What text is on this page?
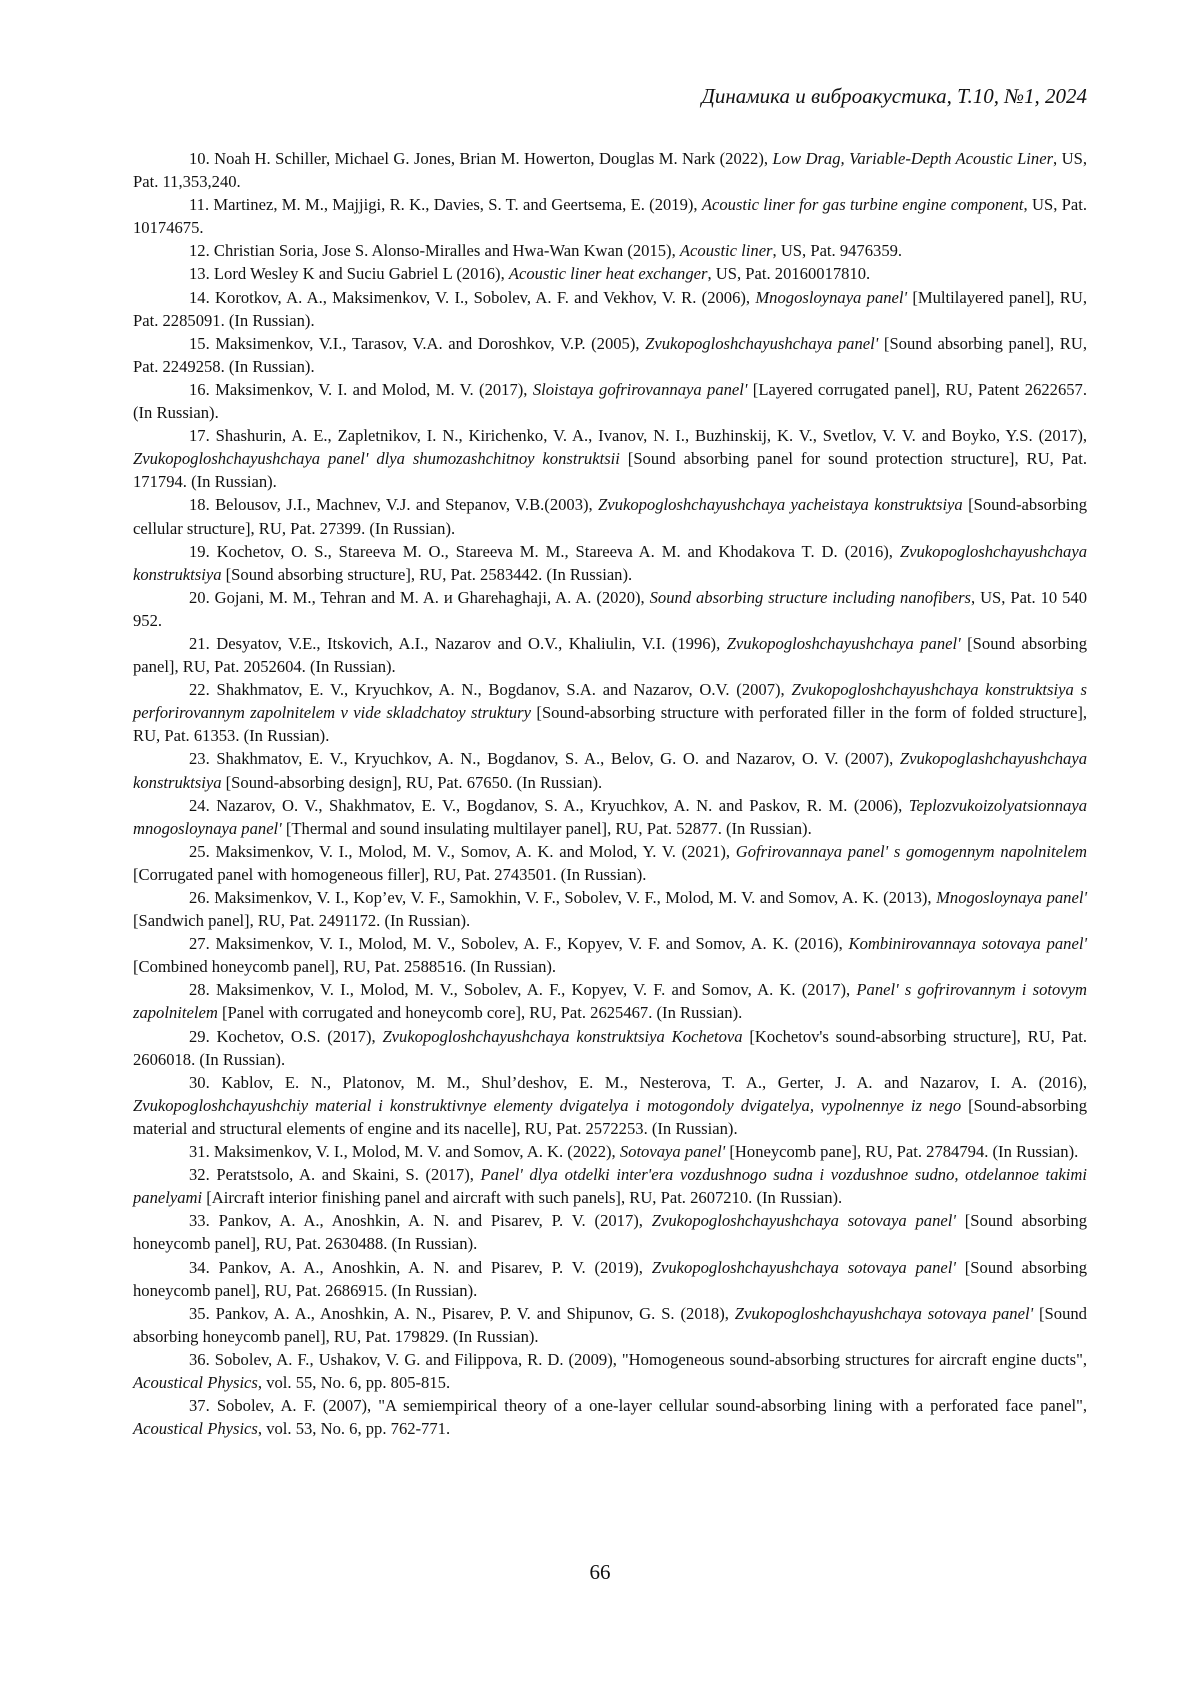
Динамика и виброакустика, Т.10, №1, 2024

10. Noah H. Schiller, Michael G. Jones, Brian M. Howerton, Douglas M. Nark (2022), Low Drag, Variable-Depth Acoustic Liner, US, Pat. 11,353,240.

11. Martinez, M. M., Majjigi, R. K., Davies, S. T. and Geertsema, E. (2019), Acoustic liner for gas turbine engine component, US, Pat. 10174675.

12. Christian Soria, Jose S. Alonso-Miralles and Hwa-Wan Kwan (2015), Acoustic liner, US, Pat. 9476359.

13. Lord Wesley K and Suciu Gabriel L (2016), Acoustic liner heat exchanger, US, Pat. 20160017810.

14. Korotkov, A. A., Maksimenkov, V. I., Sobolev, A. F. and Vekhov, V. R. (2006), Mnogosloynaya panel' [Multilayered panel], RU, Pat. 2285091. (In Russian).

15. Maksimenkov, V.I., Tarasov, V.A. and Doroshkov, V.P. (2005), Zvukopogloshchayushchaya panel' [Sound absorbing panel], RU, Pat. 2249258. (In Russian).

16. Maksimenkov, V. I. and Molod, M. V. (2017), Sloistaya gofrirovannaya panel' [Layered corrugated panel], RU, Patent 2622657. (In Russian).

17. Shashurin, A. E., Zapletnikov, I. N., Kirichenko, V. A., Ivanov, N. I., Buzhinskij, K. V., Svetlov, V. V. and Boyko, Y.S. (2017), Zvukopogloshchayushchaya panel' dlya shumozashchitnoy konstruktsii [Sound absorbing panel for sound protection structure], RU, Pat. 171794. (In Russian).

18. Belousov, J.I., Machnev, V.J. and Stepanov, V.B.(2003), Zvukopogloshchayushchaya yacheistaya konstruktsiya [Sound-absorbing cellular structure], RU, Pat. 27399. (In Russian).

19. Kochetov, O. S., Stareeva M. O., Stareeva M. M., Stareeva A. M. and Khodakova T. D. (2016), Zvukopogloshchayushchaya konstruktsiya [Sound absorbing structure], RU, Pat. 2583442. (In Russian).

20. Gojani, M. M., Tehran and M. A. и Gharehaghaji, A. A. (2020), Sound absorbing structure including nanofibers, US, Pat. 10 540 952.

21. Desyatov, V.E., Itskovich, A.I., Nazarov and O.V., Khaliulin, V.I. (1996), Zvukopogloshchayushchaya panel' [Sound absorbing panel], RU, Pat. 2052604. (In Russian).

22. Shakhmatov, E. V., Kryuchkov, A. N., Bogdanov, S.A. and Nazarov, O.V. (2007), Zvukopogloshchayushchaya konstruktsiya s perforirovannym zapolnitelem v vide skladchatoy struktury [Sound-absorbing structure with perforated filler in the form of folded structure], RU, Pat. 61353. (In Russian).

23. Shakhmatov, E. V., Kryuchkov, A. N., Bogdanov, S. A., Belov, G. O. and Nazarov, O. V. (2007), Zvukopoglashchayushchaya konstruktsiya [Sound-absorbing design], RU, Pat. 67650. (In Russian).

24. Nazarov, O. V., Shakhmatov, E. V., Bogdanov, S. A., Kryuchkov, A. N. and Paskov, R. M. (2006), Teplozvukoizolyatsionnaya mnogosloynaya panel' [Thermal and sound insulating multilayer panel], RU, Pat. 52877. (In Russian).

25. Maksimenkov, V. I., Molod, M. V., Somov, A. K. and Molod, Y. V. (2021), Gofrirovannaya panel' s gomogennym napolnitelem [Corrugated panel with homogeneous filler], RU, Pat. 2743501. (In Russian).

26. Maksimenkov, V. I., Kop’ev, V. F., Samokhin, V. F., Sobolev, V. F., Molod, M. V. and Somov, A. K. (2013), Mnogosloynaya panel' [Sandwich panel], RU, Pat. 2491172. (In Russian).

27. Maksimenkov, V. I., Molod, M. V., Sobolev, A. F., Kopyev, V. F. and Somov, A. K. (2016), Kombinirovannaya sotovaya panel' [Combined honeycomb panel], RU, Pat. 2588516. (In Russian).

28. Maksimenkov, V. I., Molod, M. V., Sobolev, A. F., Kopyev, V. F. and Somov, A. K. (2017), Panel' s gofrirovannym i sotovym zapolnitelem [Panel with corrugated and honeycomb core], RU, Pat. 2625467. (In Russian).

29. Kochetov, O.S. (2017), Zvukopogloshchayushchaya konstruktsiya Kochetova [Kochetov's sound-absorbing structure], RU, Pat. 2606018. (In Russian).

30. Kablov, E. N., Platonov, M. M., Shul’deshov, E. M., Nesterova, T. A., Gerter, J. A. and Nazarov, I. A. (2016), Zvukopogloshchayushchiy material i konstruktivnye elementy dvigatelya i motogondoly dvigatelya, vypolnennye iz nego [Sound-absorbing material and structural elements of engine and its nacelle], RU, Pat. 2572253. (In Russian).

31. Maksimenkov, V. I., Molod, M. V. and Somov, A. K. (2022), Sotovaya panel' [Honeycomb pane], RU, Pat. 2784794. (In Russian).

32. Peratstsolo, A. and Skaini, S. (2017), Panel' dlya otdelki inter'era vozdushnogo sudna i vozdushnoe sudno, otdelannoe takimi panelyami [Aircraft interior finishing panel and aircraft with such panels], RU, Pat. 2607210. (In Russian).

33. Pankov, A. A., Anoshkin, A. N. and Pisarev, P. V. (2017), Zvukopogloshchayushchaya sotovaya panel' [Sound absorbing honeycomb panel], RU, Pat. 2630488. (In Russian).

34. Pankov, A. A., Anoshkin, A. N. and Pisarev, P. V. (2019), Zvukopogloshchayushchaya sotovaya panel' [Sound absorbing honeycomb panel], RU, Pat. 2686915. (In Russian).

35. Pankov, A. A., Anoshkin, A. N., Pisarev, P. V. and Shipunov, G. S. (2018), Zvukopogloshchayushchaya sotovaya panel' [Sound absorbing honeycomb panel], RU, Pat. 179829. (In Russian).

36. Sobolev, A. F., Ushakov, V. G. and Filippova, R. D. (2009), "Homogeneous sound-absorbing structures for aircraft engine ducts", Acoustical Physics, vol. 55, No. 6, pp. 805-815.

37. Sobolev, A. F. (2007), "A semiempirical theory of a one-layer cellular sound-absorbing lining with a perforated face panel", Acoustical Physics, vol. 53, No. 6, pp. 762-771.

66
